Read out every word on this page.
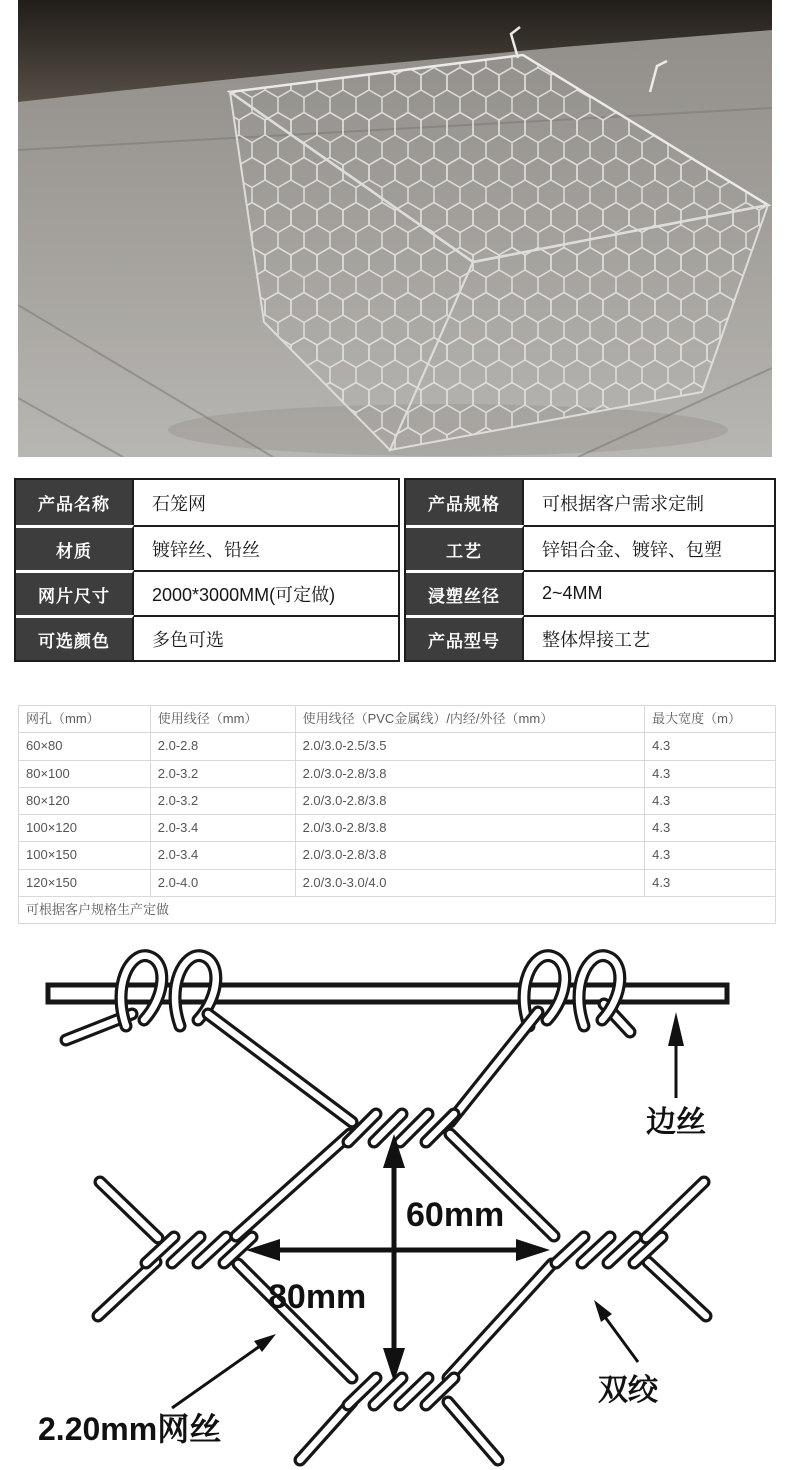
产品名称	石笼网
材质	镀锌丝、铅丝
网片尺寸	2000*3000MM(可定做)
可选颜色	多色可选
产品规格	可根据客户需求定制
工艺	锌铝合金、镀锌、包塑
浸塑丝径	2~4MM
产品型号	整体焊接工艺
网孔（mm）	使用线径（mm）	使用线径（PVC金属线）/内经/外径（mm）	最大宽度（m）
60×80	2.0-2.8	2.0/3.0-2.5/3.5	4.3
80×100	2.0-3.2	2.0/3.0-2.8/3.8	4.3
80×120	2.0-3.2	2.0/3.0-2.8/3.8	4.3
100×120	2.0-3.4	2.0/3.0-2.8/3.8	4.3
100×150	2.0-3.4	2.0/3.0-2.8/3.8	4.3
120×150	2.0-4.0	2.0/3.0-3.0/4.0	4.3
可根据客户规格生产定做			
60mm
80mm
边丝
双绞
2.20mm网丝
